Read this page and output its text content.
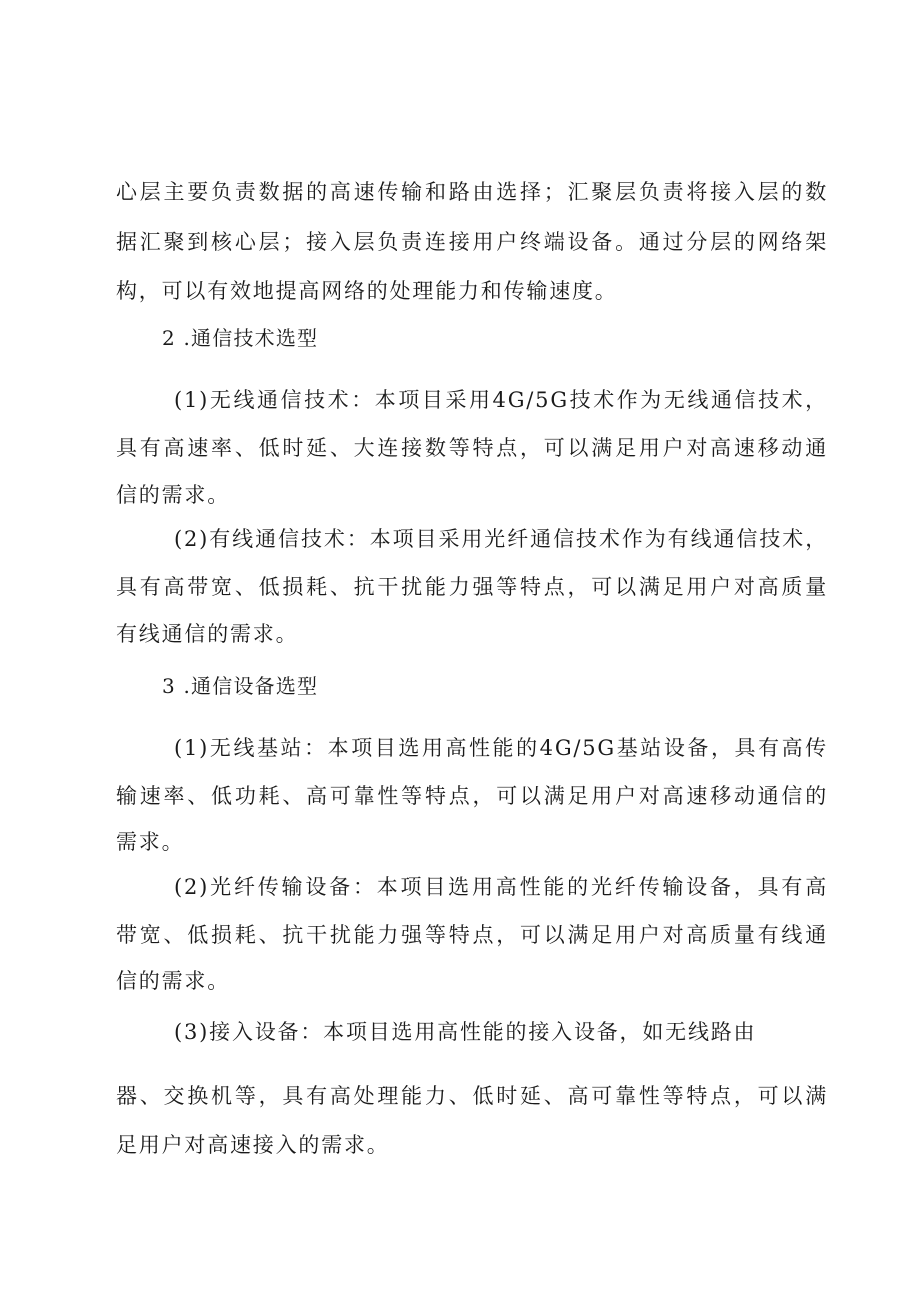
心层主要负责数据的高速传输和路由选择；汇聚层负责将接入层的数
据汇聚到核心层；接入层负责连接用户终端设备。通过分层的网络架
构，可以有效地提高网络的处理能力和传输速度。
2 .通信技术选型
(1)无线通信技术：本项目采用4G/5G技术作为无线通信技术，
具有高速率、低时延、大连接数等特点，可以满足用户对高速移动通
信的需求。
(2)有线通信技术：本项目采用光纤通信技术作为有线通信技术，
具有高带宽、低损耗、抗干扰能力强等特点，可以满足用户对高质量
有线通信的需求。
3 .通信设备选型
(1)无线基站：本项目选用高性能的4G/5G基站设备，具有高传
输速率、低功耗、高可靠性等特点，可以满足用户对高速移动通信的
需求。
(2)光纤传输设备：本项目选用高性能的光纤传输设备，具有高
带宽、低损耗、抗干扰能力强等特点，可以满足用户对高质量有线通
信的需求。
(3)接入设备：本项目选用高性能的接入设备，如无线路由
器、交换机等，具有高处理能力、低时延、高可靠性等特点，可以满
足用户对高速接入的需求。
